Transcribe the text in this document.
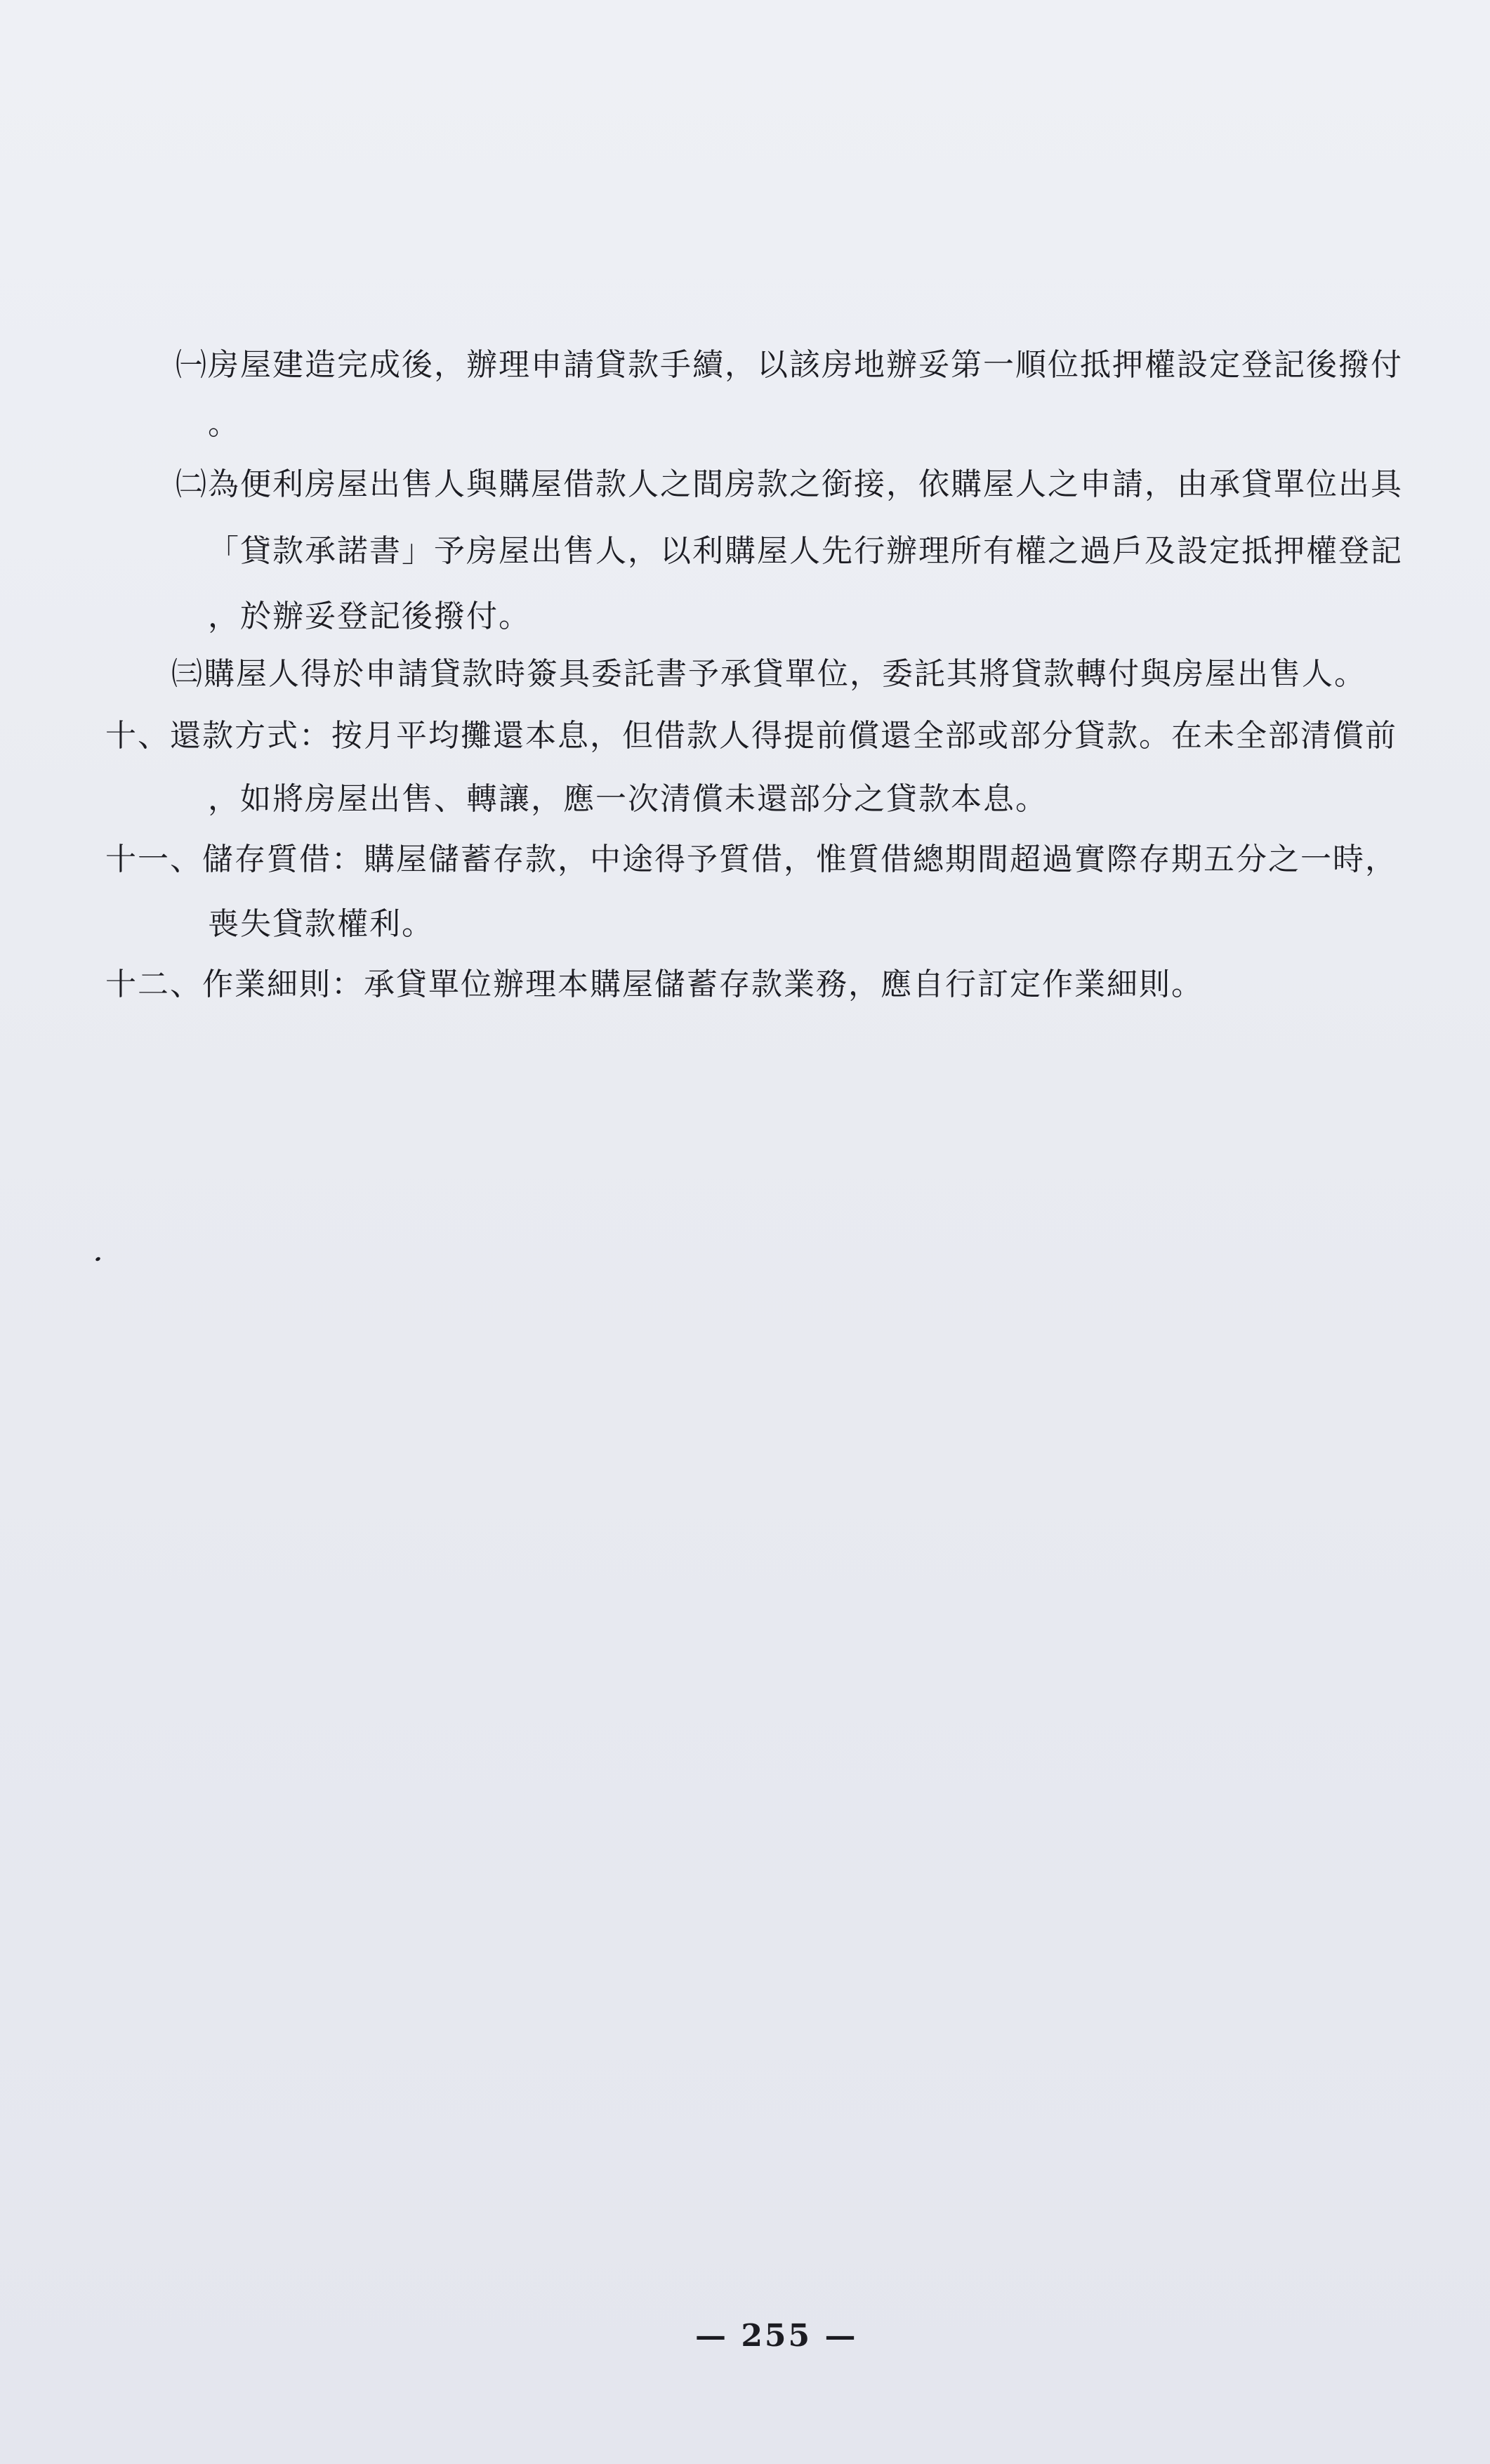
㈠房屋建造完成後，辦理申請貸款手續，以該房地辦妥第一順位抵押權設定登記後撥付
。
㈡為便利房屋出售人與購屋借款人之間房款之銜接，依購屋人之申請，由承貸單位出具
「貸款承諾書」予房屋出售人，以利購屋人先行辦理所有權之過戶及設定抵押權登記
，於辦妥登記後撥付。
㈢購屋人得於申請貸款時簽具委託書予承貸單位，委託其將貸款轉付與房屋出售人。
十、還款方式：按月平均攤還本息，但借款人得提前償還全部或部分貸款。在未全部清償前
，如將房屋出售、轉讓，應一次清償未還部分之貸款本息。
十一、儲存質借：購屋儲蓄存款，中途得予質借，惟質借總期間超過實際存期五分之一時，
喪失貸款權利。
十二、作業細則：承貸單位辦理本購屋儲蓄存款業務，應自行訂定作業細則。
— 255 —
